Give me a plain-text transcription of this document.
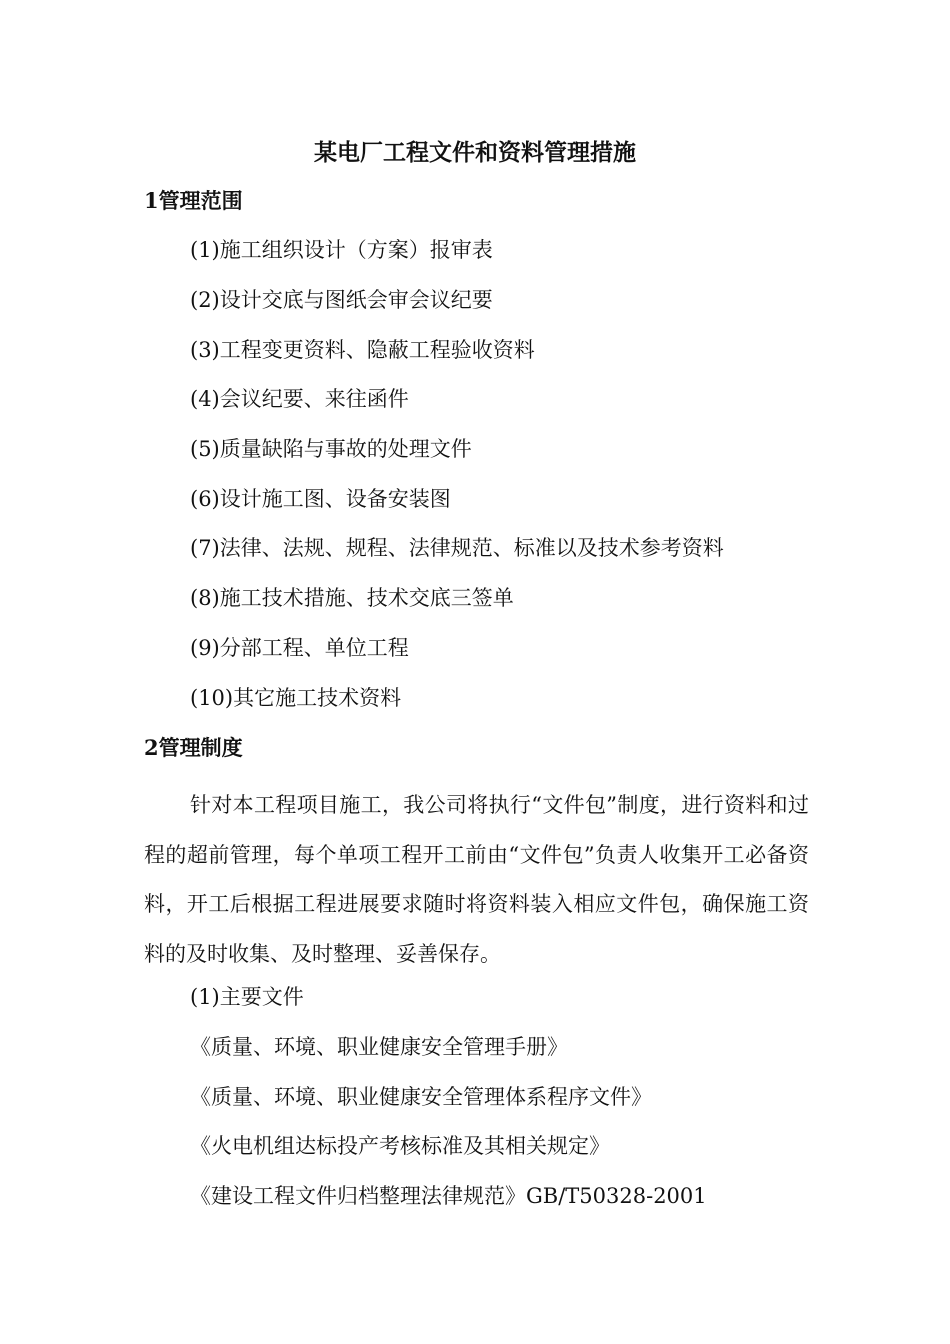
某电厂工程文件和资料管理措施
1管理范围
(1)施工组织设计（方案）报审表
(2)设计交底与图纸会审会议纪要
(3)工程变更资料、隐蔽工程验收资料
(4)会议纪要、来往函件
(5)质量缺陷与事故的处理文件
(6)设计施工图、设备安装图
(7)法律、法规、规程、法律规范、标准以及技术参考资料
(8)施工技术措施、技术交底三签单
(9)分部工程、单位工程
(10)其它施工技术资料
2管理制度

针对本工程项目施工，我公司将执行“文件包”制度，进行资料和过程的超前管理，每个单项工程开工前由“文件包”负责人收集开工必备资料，开工后根据工程进展要求随时将资料装入相应文件包，确保施工资料的及时收集、及时整理、妥善保存。

(1)主要文件
《质量、环境、职业健康安全管理手册》
《质量、环境、职业健康安全管理体系程序文件》
《火电机组达标投产考核标准及其相关规定》
《建设工程文件归档整理法律规范》GB/T50328-2001
